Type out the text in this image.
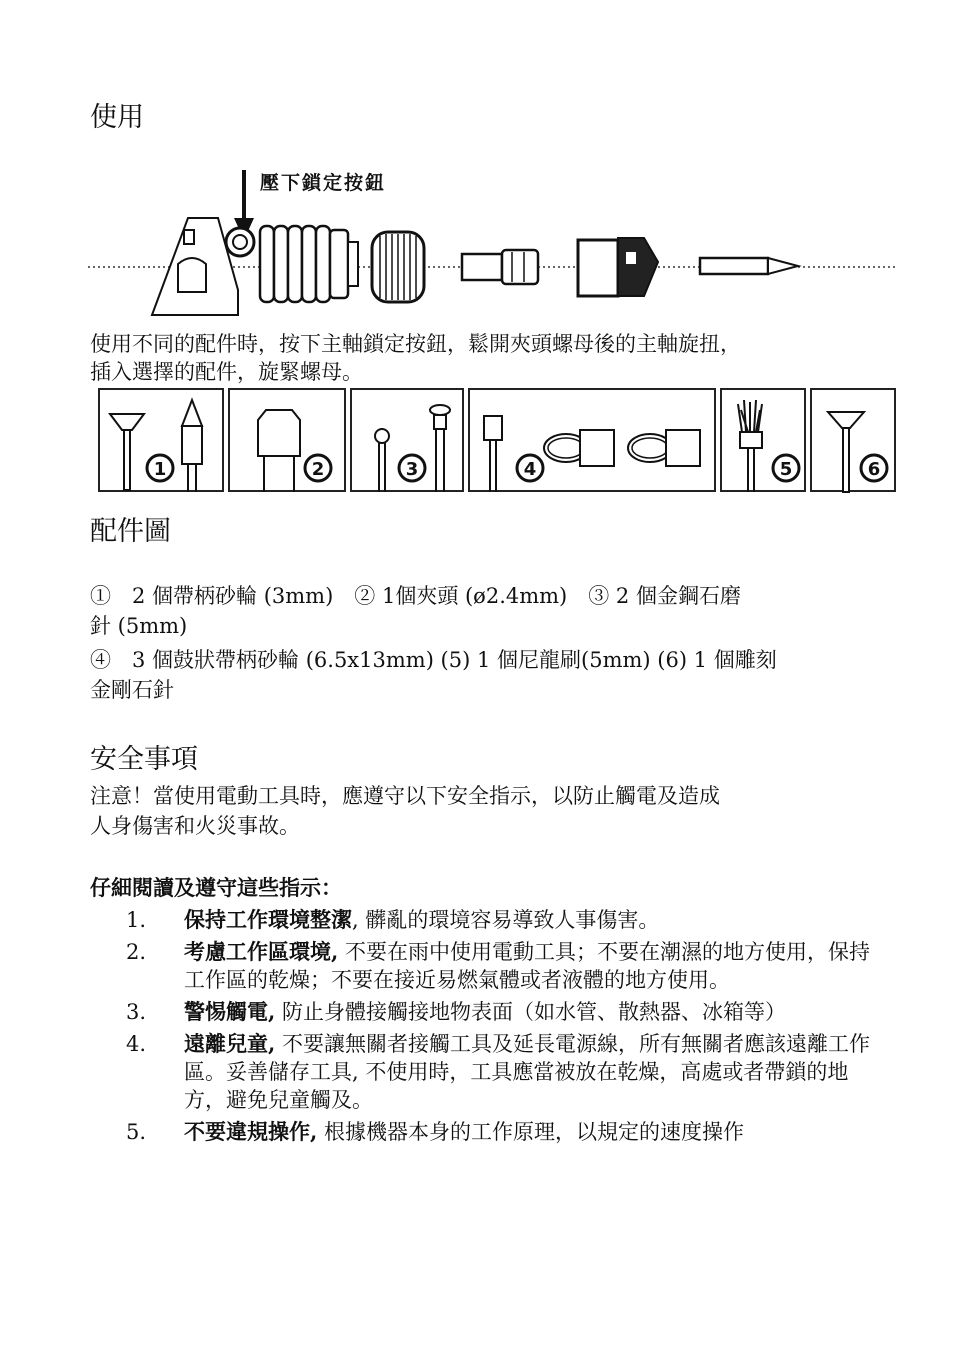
使用
壓下鎖定按鈕
使用不同的配件時，按下主軸鎖定按鈕，鬆開夾頭螺母後的主軸旋扭，
插入選擇的配件，旋緊螺母。
1	2	3	4	5	6
配件圖
①　2 個帶柄砂輪 (3mm)　② 1個夾頭 (ø2.4mm)　③ 2 個金鋼石磨
針 (5mm)
④　3 個鼓狀帶柄砂輪 (6.5x13mm) (5) 1 個尼龍刷(5mm) (6) 1 個雕刻
金剛石針
安全事項
注意！當使用電動工具時，應遵守以下安全指示，以防止觸電及造成
人身傷害和火災事故。
仔細閱讀及遵守這些指示：
1. 保持工作環境整潔, 髒亂的環境容易導致人事傷害。
2. 考慮工作區環境, 不要在雨中使用電動工具；不要在潮濕的地方使用，保持工作區的乾燥；不要在接近易燃氣體或者液體的地方使用。
3. 警惕觸電, 防止身體接觸接地物表面（如水管、散熱器、冰箱等）
4. 遠離兒童, 不要讓無關者接觸工具及延長電源線，所有無關者應該遠離工作區。妥善儲存工具, 不使用時，工具應當被放在乾燥，高處或者帶鎖的地方，避免兒童觸及。
5. 不要違規操作, 根據機器本身的工作原理，以規定的速度操作
